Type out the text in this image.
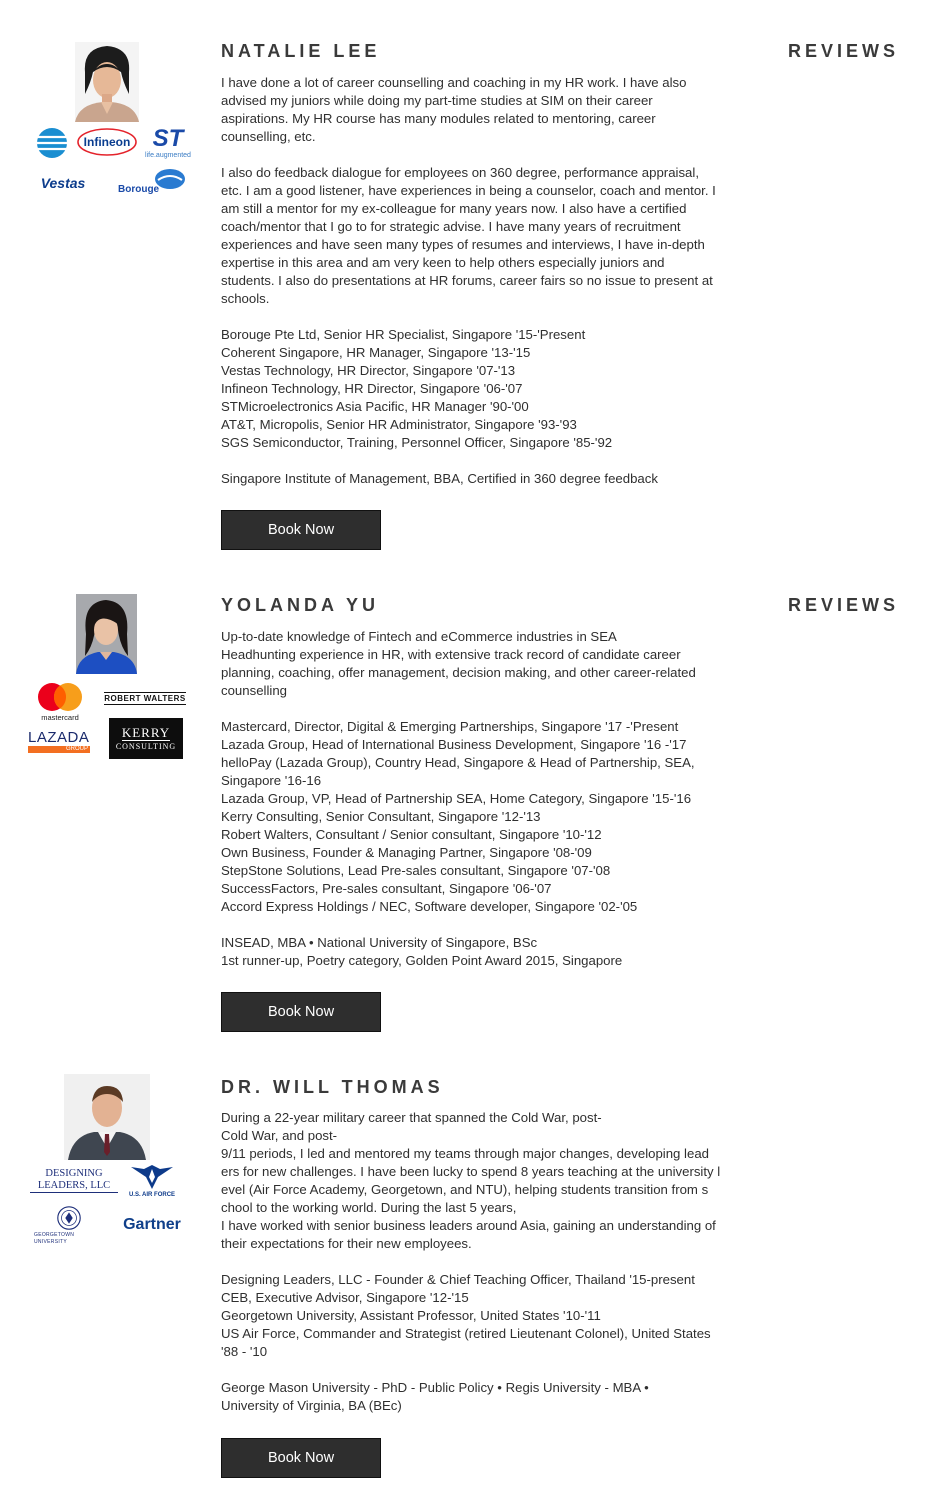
Infineon ST
life.augmented
Vestas	Borouge
NATALIE LEE	REVIEWS

I have done a lot of career counselling and coaching in my HR work. I have also

advised my juniors while doing my part-time studies at SIM on their career

aspirations. My HR course has many modules related to mentoring, career

counselling, etc.

I also do feedback dialogue for employees on 360 degree, performance appraisal,

etc. I am a good listener, have experiences in being a counselor, coach and mentor. I

am still a mentor for my ex-colleague for many years now. I also have a certified

coach/mentor that I go to for strategic advise. I have many years of recruitment

experiences and have seen many types of resumes and interviews, I have in-depth

expertise in this area and am very keen to help others especially juniors and

students. I also do presentations at HR forums, career fairs so no issue to present at

schools.

Borouge Pte Ltd, Senior HR Specialist, Singapore '15-'Present

Coherent Singapore, HR Manager, Singapore '13-'15

Vestas Technology, HR Director, Singapore '07-'13

Infineon Technology, HR Director, Singapore '06-'07

STMicroelectronics Asia Pacific, HR Manager '90-'00

AT&T, Micropolis, Senior HR Administrator, Singapore '93-'93

SGS Semiconductor, Training, Personnel Officer, Singapore '85-'92

Singapore Institute of Management, BBA, Certified in 360 degree feedback

Book Now
mastercard
ROBERT WALTERS
LAZADA
GROUP
KERRY
CONSULTING
YOLANDA YU	REVIEWS

Up-to-date knowledge of Fintech and eCommerce industries in SEA

Headhunting experience in HR, with extensive track record of candidate career

planning, coaching, offer management, decision making, and other career-related

counselling

Mastercard, Director, Digital & Emerging Partnerships, Singapore '17 -'Present

Lazada Group, Head of International Business Development, Singapore '16 -'17

helloPay (Lazada Group), Country Head, Singapore & Head of Partnership, SEA,

Singapore '16-16

Lazada Group, VP, Head of Partnership SEA, Home Category, Singapore '15-'16

Kerry Consulting, Senior Consultant, Singapore '12-'13

Robert Walters, Consultant / Senior consultant, Singapore '10-'12

Own Business, Founder & Managing Partner, Singapore '08-'09

StepStone Solutions, Lead Pre-sales consultant, Singapore '07-'08

SuccessFactors, Pre-sales consultant, Singapore '06-'07

Accord Express Holdings / NEC, Software developer, Singapore '02-'05

INSEAD, MBA • National University of Singapore, BSc

1st runner-up, Poetry category, Golden Point Award 2015, Singapore

Book Now
DESIGNING LEADERS, LLC
U.S. AIR FORCE
GEORGETOWN UNIVERSITY
Gartner
DR. WILL THOMAS

During a 22-year military career that spanned the Cold War, post-

Cold War, and post-

9/11 periods, I led and mentored my teams through major changes, developing lead

ers for new challenges. I have been lucky to spend 8 years teaching at the university l

evel (Air Force Academy, Georgetown, and NTU), helping students transition from s

chool to the working world. During the last 5 years,

I have worked with senior business leaders around Asia, gaining an understanding of

their expectations for their new employees.

Designing Leaders, LLC - Founder & Chief Teaching Officer, Thailand '15-present

CEB, Executive Advisor, Singapore '12-'15

Georgetown University, Assistant Professor, United States '10-'11

US Air Force, Commander and Strategist (retired Lieutenant Colonel), United States

'88 - '10

George Mason University - PhD - Public Policy • Regis University - MBA •

University of Virginia, BA (BEc)

Book Now
